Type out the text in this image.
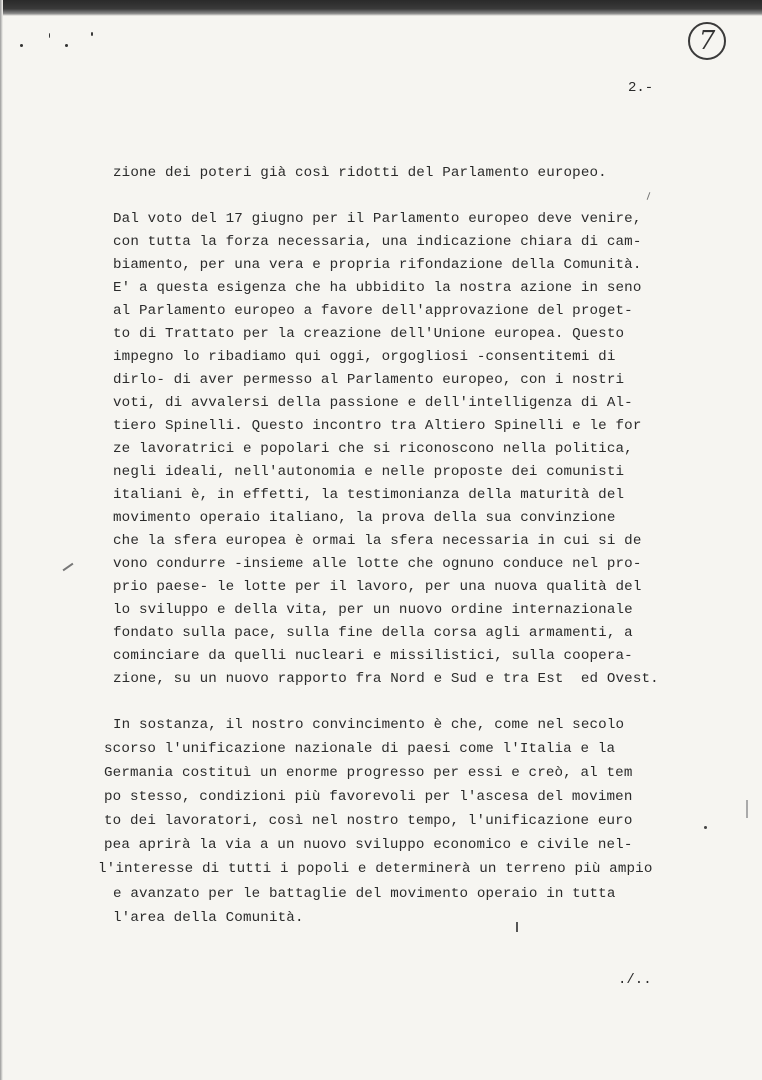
7
2.-
zione dei poteri già così ridotti del Parlamento europeo.
Dal voto del 17 giugno per il Parlamento europeo deve venire,
con tutta la forza necessaria, una indicazione chiara di cam-
biamento, per una vera e propria rifondazione della Comunità.
E' a questa esigenza che ha ubbidito la nostra azione in seno
al Parlamento europeo a favore dell'approvazione del proget-
to di Trattato per la creazione dell'Unione europea. Questo
impegno lo ribadiamo qui oggi, orgogliosi -consentitemi di
dirlo- di aver permesso al Parlamento europeo, con i nostri
voti, di avvalersi della passione e dell'intelligenza di Al-
tiero Spinelli. Questo incontro tra Altiero Spinelli e le for
ze lavoratrici e popolari che si riconoscono nella politica,
negli ideali, nell'autonomia e nelle proposte dei comunisti
italiani è, in effetti, la testimonianza della maturità del
movimento operaio italiano, la prova della sua convinzione
che la sfera europea è ormai la sfera necessaria in cui si de
vono condurre -insieme alle lotte che ognuno conduce nel pro-
prio paese- le lotte per il lavoro, per una nuova qualità del
lo sviluppo e della vita, per un nuovo ordine internazionale
fondato sulla pace, sulla fine della corsa agli armamenti, a
cominciare da quelli nucleari e missilistici, sulla coopera-
zione, su un nuovo rapporto fra Nord e Sud e tra Est  ed Ovest.
In sostanza, il nostro convincimento è che, come nel secolo
scorso l'unificazione nazionale di paesi come l'Italia e la
Germania costituì un enorme progresso per essi e creò, al tem
po stesso, condizioni più favorevoli per l'ascesa del movimen
to dei lavoratori, così nel nostro tempo, l'unificazione euro
pea aprirà la via a un nuovo sviluppo economico e civile nel-
l'interesse di tutti i popoli e determinerà un terreno più ampio
e avanzato per le battaglie del movimento operaio in tutta
l'area della Comunità.
./..
